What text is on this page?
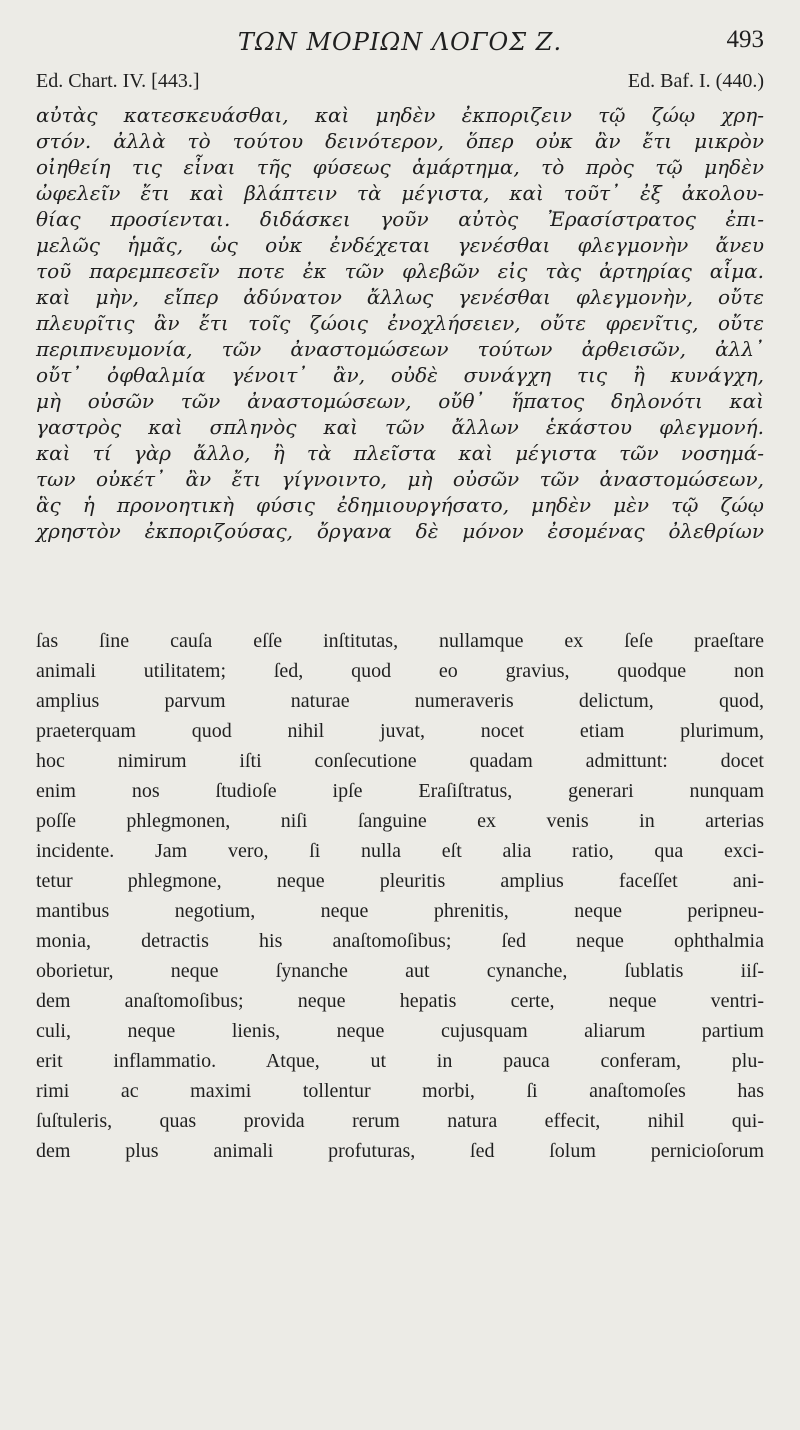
ΤΩΝ ΜΟΡΙΩΝ ΛΟΓΟΣ Ζ.	493
Ed. Chart. IV. [443.]	Ed. Baf. I. (440.)
αὐτὰς κατεσκευάσθαι, καὶ μηδὲν ἐκποριζειν τῷ ζώῳ χρη-
στόν. ἀλλὰ τὸ τούτου δεινότερον, ὅπερ οὐκ ἂν ἔτι μικρὸν
οἰηθείη τις εἶναι τῆς φύσεως ἁμάρτημα, τὸ πρὸς τῷ μηδὲν
ὠφελεῖν ἔτι καὶ βλάπτειν τὰ μέγιστα, καὶ τοῦτ᾽ ἐξ ἀκολου-
θίας προσίενται. διδάσκει γοῦν αὐτὸς Ἐρασίστρατος ἐπι-
μελῶς ἡμᾶς, ὡς οὐκ ἐνδέχεται γενέσθαι φλεγμονὴν ἄνευ
τοῦ παρεμπεσεῖν ποτε ἐκ τῶν φλεβῶν εἰς τὰς ἀρτηρίας αἷμα.
καὶ μὴν, εἴπερ ἀδύνατον ἄλλως γενέσθαι φλεγμονὴν, οὔτε
πλευρῖτις ἂν ἔτι τοῖς ζώοις ἐνοχλήσειεν, οὔτε φρενῖτις, οὔτε
περιπνευμονία, τῶν ἀναστομώσεων τούτων ἀρθεισῶν, ἀλλ᾽
οὔτ᾽ ὀφθαλμία γένοιτ᾽ ἂν, οὐδὲ συνάγχη τις ἢ κυνάγχη,
μὴ οὐσῶν τῶν ἀναστομώσεων, οὔθ᾽ ἥπατος δηλονότι καὶ
γαστρὸς καὶ σπληνὸς καὶ τῶν ἄλλων ἑκάστου φλεγμονή.
καὶ τί γὰρ ἄλλο, ἢ τὰ πλεῖστα καὶ μέγιστα τῶν νοσημά-
των οὐκέτ᾽ ἂν ἔτι γίγνοιντο, μὴ οὐσῶν τῶν ἀναστομώσεων,
ἃς ἡ προνοητικὴ φύσις ἐδημιουργήσατο, μηδὲν μὲν τῷ ζώῳ
χρηστὸν ἐκποριζούσας, ὄργανα δὲ μόνον ἐσομένας ὀλεθρίων
ſas ſine cauſa eſſe inſtitutas, nullamque ex ſeſe praeſtare
animali utilitatem; ſed, quod eo gravius, quodque non
amplius parvum naturae numeraveris delictum, quod,
praeterquam quod nihil juvat, nocet etiam plurimum,
hoc nimirum iſti conſecutione quadam admittunt: docet
enim nos ſtudioſe ipſe Eraſiſtratus, generari nunquam
poſſe phlegmonen, niſi ſanguine ex venis in arterias
incidente. Jam vero, ſi nulla eſt alia ratio, qua exci-
tetur phlegmone, neque pleuritis amplius faceſſet ani-
mantibus negotium, neque phrenitis, neque peripneu-
monia, detractis his anaſtomoſibus; ſed neque ophthalmia
oborietur, neque ſynanche aut cynanche, ſublatis iiſ-
dem anaſtomoſibus; neque hepatis certe, neque ventri-
culi, neque lienis, neque cujusquam aliarum partium
erit inflammatio. Atque, ut in pauca conferam, plu-
rimi ac maximi tollentur morbi, ſi anaſtomoſes has
ſuſtuleris, quas provida rerum natura effecit, nihil qui-
dem plus animali profuturas, ſed ſolum pernicioſorum
